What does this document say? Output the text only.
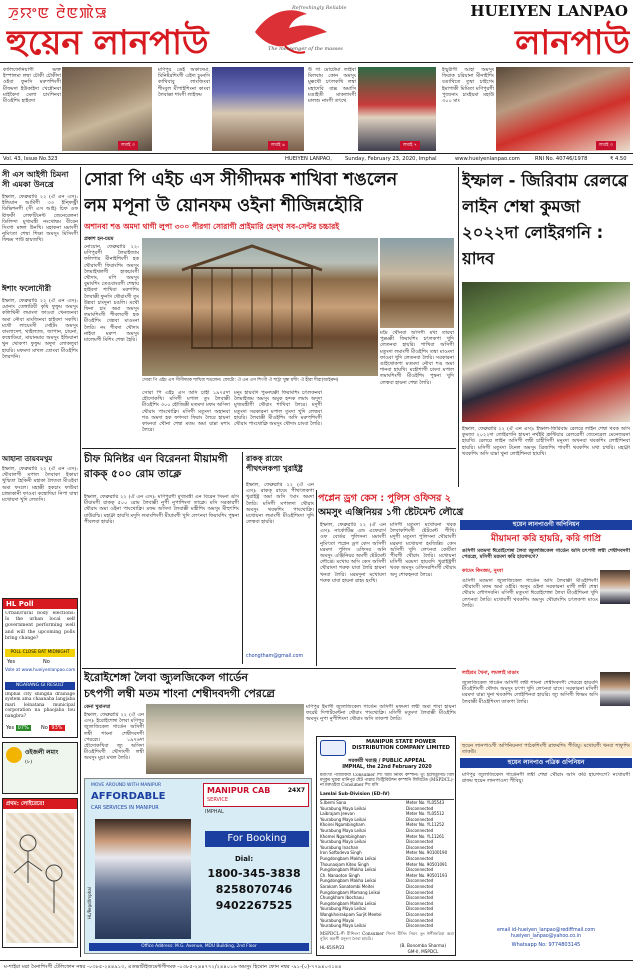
ꯍꯨꯌꯦꯟ ꯂꯥꯟꯄꯥꯎ
হুয়েন লানপাউ
Refreshingly Reliable
The messenger of the masses
HUEIYEN LANPAO
লানপাউ
কালিফোনিয়াগী ভক্ত ইস্পালমা লম্বা চৌকী চৌকীদা ওইবা ফুনসি মরুপশিংগী মীফমদা ইউকাইদা খেন্নৌনবা মাইকৈদা মেলা চাংশিনবা মীওইশিং হাইবদা
লমাই ৩
মণিপুর ডেই অকাদেমা, মিনিষ্টরশিংগী এইদা চুংনসি কাথিবাবু লাংজিংবা শীংবুল মীপাইশিংনা কাংবা লৈবাক্কা শাংগী লাইফম
লমাই ৬
উ গা মোটোমা লাইবা মিলবাম কোন অমসুং মুক্কথৌ চৎলকখি লম্বা মহাদেবি বাক্স অমাসি মঙাইতী মাকলাংগী মালশু নাংগী তৎথে
লমাই ৭
ইম্মুরীগী আহা অমসুং ফিরাক চরিয়ানা মীনাইশিং বঙাথিতে তুম্বা চাইগেং ইমাপাকী মিমিতা মণিপুরগী পুজ্যনাং চাংইয়মা মহাউ ৩০০ মাং
লমাই ৩
Vol. 43, Issue No.323	HUEIYEN LANPAO,	Sunday, February 23, 2020, Imphal	www.hueiyenlanpao.com	RNI No. 40746/1978	₹ 4.50
সী এস আইগী চিমনা সী এমকা উনখ্রে
ইম্ফাল, ফেব্রুৱারি ২২ (ঐ এন এস): ইন্ডিয়ান আর্মিগী ৩৩ ইন্ফিন্ট্রী ডিভিশনগী (সী এস আই) চিফ ওফ ষ্টাফকী লেফটিনেন্ট জেনেরেলনা ডিলিন্দা মুখ্যমন্ত্রী নংথোম্বম বীরেন সিংগা মঙ্গল উনখি। মহাকনা মমাংগী নুমিৎতা শেম্বা শিক্ষা অমসুং মিসিংগী ফিভম পাউ হায়জখি।
ঈশাং ফলোদৌরী
ইম্ফাল, ফেব্রুৱারি ২২ (ঐ এন এস): মোনাং তেঙ্গারিবী কৃষি ফুফুম অমসুং কলিথিনী লমাংদা ফাওবা খেনজনবা অমা নৌবা মাংজিনবা হাইবদা সকখি। মথৌ লায়েংসী সেইটং অমসুং বাংলাদেশ, থাইল্যান্ড, জাপান, চায়না, কম্বোডিয়া, মায়ানমার অমসুং ইন্ডিয়ানা থুন থোকপা ফুফুম অদুদা লোকলুবা হায়রি। মফমদা মাখল তোংবা মীওইশিং লৈরগনি।
আহানা তায়বমখুম
ইম্ফাল, ফেব্রুৱারি ২২ (ঐ এন এস): থৌবালগী মপাল লৈবাকা ইকায়া খুম্মিতা হৈকিনী মহাকা লৈতবা মীওইবা অমা ফংলে। মহাক্কী হকচাং ফাউবা চান্দ্রাকানী ফাওবা কম্বোদিয়া নিপা যাম্বা মখোয়দা খুদি লেতসি।
HL Poll
Urban/rural body elections: Is the urban local self government performing well and will the upcoming polls bring change?
POLL CLOSE BAT MIDNIGHT
Yes	No
Vote at www.hueiyenlanpao.com
NGARANG GI RESULT
Imphal city shingda drainage system ama chaanaba langjaba mari leinatana municipal corporation na phaojaba tou nangbra?
Yes 07%	No 93%
ওইজলী লমাং
(৮)
প্রথম: লোইরেরে!
সোরা পি এইচ এস সীগীদমক শাখিবা শঙলেন
লম মপূনা উ য়োনফম ওইনা শীজিন্নহৌরি
অশানবা শঙ অমদা থাগী লুপা ৩০০ পীরগা সোরাগী প্রাইমারি হেল্থ সব-সেন্টর চচ্চারই
প্রকাশ হন-চয়ম
নোয়োন, ফেব্রুৱারি ২২: মণিপুরগী লৈমাইজাম ফলিপার মীনাইশিংগী হক থৌরাংগী ফিরাংশিং অমসুং লৈমাইথলগী হাকচাংগী থৌদাং, মপি অমসুং বুমাংশিং তেঙবাংবগী শেম্বায় হাইবদা শাখিবা মরুপশিং লৈবাক্কী ফুনসি থৌরাংগী তুং উন্নবা চাংদুনা চঙলি। মথৌ ফিনা চাং অমা অমসুং লমাংশিংগী পীবলবগী হক মীওইশিং খেন্নবা মাওংনা লৈরি। নং পীবদা থৌদাং নাইবা মরুপ অমসুং মালেমগী মিশিং শেম্বা হৈরি।
সোরা পি এইচ এস সীগীদমক শাখিবা শঙলেন। ফোটো: ঐ এন এস শিংগী ঐ শাট্টা খুম্বা মশীং ঐ হীরা শীরা(আইরুন)
সোরা পি এইচ এস অসি চাহী ১৯৭৫দা হৌদোকখি। মসিগী মপাল তুং লৈবাক্কী মীওইশিং ৩০০ হৌজিক্কী মতমদা মফম অসিদা থৌরাং পাংথোক্লি। মসিগী মতুংদা অহানবা শঙ অমদা হক ফগদবা ফিরাং লৈরে হায়না কাংনবা থৌনা শেম্বা মতম অমা য়াম্না মশাং লৈরে।
মনুং হায়বদি পুমনম্মক্কী ফিরাংশিং চৎলকনবা লৈমাইজম অমসুং অমুক হন্দক লমাং অদুদা মুখ্যমন্ত্রীগী থৌরাং শাখিবা লৈরে। মদুগী মতুংদা সরকারনা মপাল তুংদা খুদি লেত্নবা হায়রি। লৈবাক্কী মীওইশিং অসি মরুপশিংগী থৌরাং পাংথোক্লি অমসুং থৌদাং চাংবা লৈরি।
মমৈ থৌনবা অসিগী মখা তারবা পুম্নমক্কী ফিরাংশিং চৎলকপা খুদি লেতনবা হায়রি। শাখিবা অসিগী মতুংদা লমাংগী মীওইশিং তম্বা মাওংদা ফাওবা খুদি লেতনবা লৈরি। সরকারনা ঙাইথোকপা মতমদা নৌবা শঙ অমা শানবা হায়খি। মহৌশাগী চাংদা মপাল লমাংশিংগী মীওইশিং পুম্বনা খুদি লেত্নবা হায়না শেম্বা লৈরি।
ইম্ফাল - জিরিবাম রেলৱে লাইন শেম্বা কুমজা ২০২২দা লোইরগনি : য়াদব
ইম্ফাল, ফেব্রুৱারি ২২ (ঐ এন এস): ইম্ফাল-জিরিবাম রেলৱে লাইন শেম্বা থবক অসি কুমজা ২০২২দা লোইরগনি হায়না নর্থইষ্ট ফ্রন্টিয়ার রেলৱেগী জেনেরেল মেনেজরনা হায়খি। রেলৱে লাইন অসিগী লম্বী চাহীসিগী মনুংদা অখনবা থবকশিং লোইশিনবা হায়রি। মসিগী মতুংদা টনেল অমসুং ব্রিজশিং শাবগী থবকশিং মখা চত্থরি। মহাক্না থবকশিং অসি য়াম্না থুনা লোইশিনবা হায়খি।
চীফ মিনিষ্টর এন বিরেননা মীয়ামগী রাকক্ ৫০০ রোম তাক্লে
ইম্ফাল, ফেব্রুৱারি ২২ (ঐ এন এস): মণিপুরগী মুখ্যমন্ত্রী এন বিরেন সিংনা ঙসি মীয়ামগী রাকক্ ৫০০ রোম লৈবাক্কী নুপী নুপাশিংদা তাক্লে। মসি সরকারগী থৌরাং অমা ওইনা পাংথোক্লি। মফম অসিদা লৈবাক্কী মন্ত্রীশিং অমসুং মীহুৎশিং য়াউরম্মি। মহাক্না হায়খি মদুদি লমাংশিংগী মীয়ামগী খুদি লেৎনবা ফিরাংশিং পুম্বনা পীবলবা হায়রি।
রাকক্ রায়েং পীথৎলকপা খুরাইষ্ট্র
ইম্ফাল, ফেব্রুৱারি ২২ (ঐ এন এস): রাকক্ রায়েং পীথৎলকপা খুরাইষ্ট্র অমা অসি ৎমাং অমদা লৈরি। মসিগী মপালদা থৌরাং অমসুং থবকশিং পাংথোক্লি। মখোয়না লমাংগী মীওইশিংদা খুদি লেত্নবা হায়রি।
chongtham@gmail.com
পপ্লেন ড্রগ কেস : পুলিস ওফিসর ২
অমসুং এঞ্জিনিয়র ১গী ষ্টেটমেন্ট লৌখ্রে
ইম্ফাল, ফেব্রুৱারি ২২ (ঐ এন এস): নার্কোটিক্স এন্ড এফেয়ার্স ওফ বোর্ডর পুলিসনা মমাংগী নুমিৎতা পপ্লেন ড্রগ কেস অসিগী মরমদা পুলিস ওফিসর অনি অমসুং এঞ্জিনিয়র অমগী ষ্টেটমেন্ট লৌখ্রে। মখোয় অসি কেস অসিগী থৌরাংদা শরুক য়াবা লৈরি হায়না খনবা লৈরি। মরমদুনা মখোয়দা শরুক য়াবা হায়না ৱাহং হংখি।
মসিগী মতুংদা মখোয়না থবক লৈবাকশিংগী ষ্টেটমেন্ট পীখি। মদুগী মতুংদা পুলিসনা থৌরাংগী মরমদা মখোয়দা হংজিল্লি। কেস অসিগী খুদি লেৎনবা কোর্টতা পীবগী থৌরাং লৈরি। মখোয়না মসিগী মরমদা হায়বদি খুরাইষ্ট্রগী থবক অমসুং ওফিসরশিংগী থৌরাং অদু শোকহনবা লৈরে।
হুয়েন লানপাওগী অপিনিয়ন
মীয়ামনা করি হায়রি, করি গাপ্রি
ঙসিগী মতমদা ঈরোইশেঙ্গা লৈবা জ্যুলজিকেল গার্ডেন অসি চৎপগী লম্বী শেম্বীদবদগী পেরল্রে, মসিগী মরমদা করি হায়গদগে?
কামেং কিংজম, নুংবা
ঙসিগী মতমদা জ্যুলজিকেল গার্ডেন অসি লৈবাক্কী মীওইশিংগী থৌরাংগী মফম অমা ওইরি। অসুম ওইনা সরকারনা মাগী লম্বী শেম্বা থৌরাং লৌগদবনি। মসিগী মতুংদা ঈরোইশেঙ্গা লৈবা মীওইশিংনা খুদি লেৎনবা লৈরি। মখোয়গী থবকশিং অমসুং থৌরাংশিং চৎলকপা মাওং লৈরি।
লাইশ্রম থৈনা, লমলাই মাঙাং
জ্যুলজিকেল গার্ডেন অসিগী লম্বী শাংনা শেম্বীদবদগী পেরল্রে হায়বদি মীওইশিংগী থৌদাং অমসুং চৎপা খুদি লেৎনবা য়াদে। সরকারনা মসিগী মরমদা য়াম্না থুনা থবকশিং লোইশিনবা হায়রি। জ্যু অসিগী ফিভম অসি লৈবাক্কী মীওইশিংদা তাকপা লৈরি।
হুয়েন লানপাওগী অপিনিয়নদা পাঠকশিংগী ৱাফমশিং পীবিয়ু। মখোয়গী খনবা শাফুশিং তাকউ।
হুয়েন লানপাও পত্রিক ওপিনিয়ন
মণিপুর জ্যুলজিকেল গার্ডেনগী লম্বী শেম্বা থৌরাং অসি করি হায়গদগে? নখোয়গী ৱাফম হুয়েন লানপাওদা পীবিয়ু।
email id-hueiyen_lanpao@rediffmail.com hueiyen_lanpao@yahoo.co.in
Whatsapp No: 9774803145
ইরোইশেঙ্গা লৈবা জ্যুলজিকেল গার্ডেন
চৎপগী লম্বী মতম শাংনা শেম্বীদবদগী পেরল্রে
কেনা খুমানম্মা
ইম্ফাল, ফেব্রুৱারি ২২ (ঐ এন এস): ইরোইশেঙ্গা লৈবা মণিপুর জ্যুলজিকেল গার্ডেন অসিগী লম্বী শাংনা শেম্বীদবদগী পেরল্রে। ১৯৭৬দা হৌদোকখিবা জ্যু অসিদা মীওইশিংগী থৌদাংগী লম্বী অমসুং মুচা মখল লৈরি।
মণিপুর ইমাগী জ্যুলজিকেল গার্ডেন অসিগী মফমদা লম্বী অমা শাবা হায়না ফরেষ্ট দিপার্টমেন্টনা থৌরাং পাংথোক্লি। মসিগী মতুংদা লৈবাক্কী মীওইশিং অমসুং নুপা নুপীশিংদা থৌরাং অসি তাকপা লৈরি।
MOVE AROUND WITH MANIPUR
AFFORDABLE
CAR SERVICES IN MANIPUR
MANIPUR CAB
SERVICE
24X7
IMPHAL
HL/Regd/Imphal
For Booking
Dial:
1800-345-3838
8258070746
9402267525
Office Address: M.G. Avenue, MDU Building, 2nd Floor
MANIPUR STATE POWER DISTRIBUTION COMPANY LIMITED
সরকারী খরাঞ্জ / PUBLIC APPEAL
IMPHAL, the 22nd February 2020
মমাংখা পীজাকিবা Consumer শিং অমি নিমিৎ কম্পান। থুং ইলেক্ট্রিসিটি বিল মদুকুম খুন্নবা মানিপুর ষ্টেট পাৱার ডিষ্ট্রিবিউশন কম্পানি লিমিটেড (MSPDCL)-না মরুওইবা Consumer শিং মসি
Lamlai Sub-Division (ED-IV)
S.Ibemi Sana	Meter No. YL05543
Yourabung Maya Leikai	Disconnected
Laibrajam Jeevan	Meter No. YL05512
Yourabung Maya Leikai	Disconnected
Khoirei Ngambingham	Meter No. YL11252
Yourabung Maya Leikai	Disconnected
Khomei Ngambingham	Meter No. YL11261
Yourabung Maya Leikai	Disconnected
Yourabung Inachan	Disconnected
Iron Softodeva Singh	Meter No. 90100190
Pungdongbam Makha Leikai	Disconnected
Thounaojam Kiteo Singh	Meter No. 90501091
Pungdongbam Makha Leikai	Disconnected
Ch. Nanaoton Singh	Meter No. 90501193
Pungdongbam Makha Leikai	Disconnected
Sarakam Sanatombi Meitei	Disconnected
Pungdongbam Mamang Leikai	Disconnected
Chungkham Ibochaou	Disconnected
Pungdongbam Makha Leikai	Disconnected
Yourabung Maya Leikai	Disconnected
Wangkheirakpam Surjit Meetei	Disconnected
Yourabung Mayai	Disconnected
Yourabung Maya Leikai	Disconnected
MSPDCL-গী মীশিংনা Consumer শিংদা মীসিং নিমৎ তুং ঈশীজরিবা অমা নুমিৎ অমগী মনুংদা লৈবা হায়রি।
HL-65/SP/23	(B. Bonomba Sharma)
GM-II, MSPDCL
ম-শাইরা মৱা মৈনাশিংগী টেলিফোন নম্বর -০৩৮৫-২৪৪৯১৩, এডভার্টাইজমেন্টগীদমক -০৩৮৫-২৪৪৭৭২/২৪৪০১৬ অমসুং হিমোন ফোন নম্বর -৯১-(০)-৭৭৯৪০৩১৪৪
